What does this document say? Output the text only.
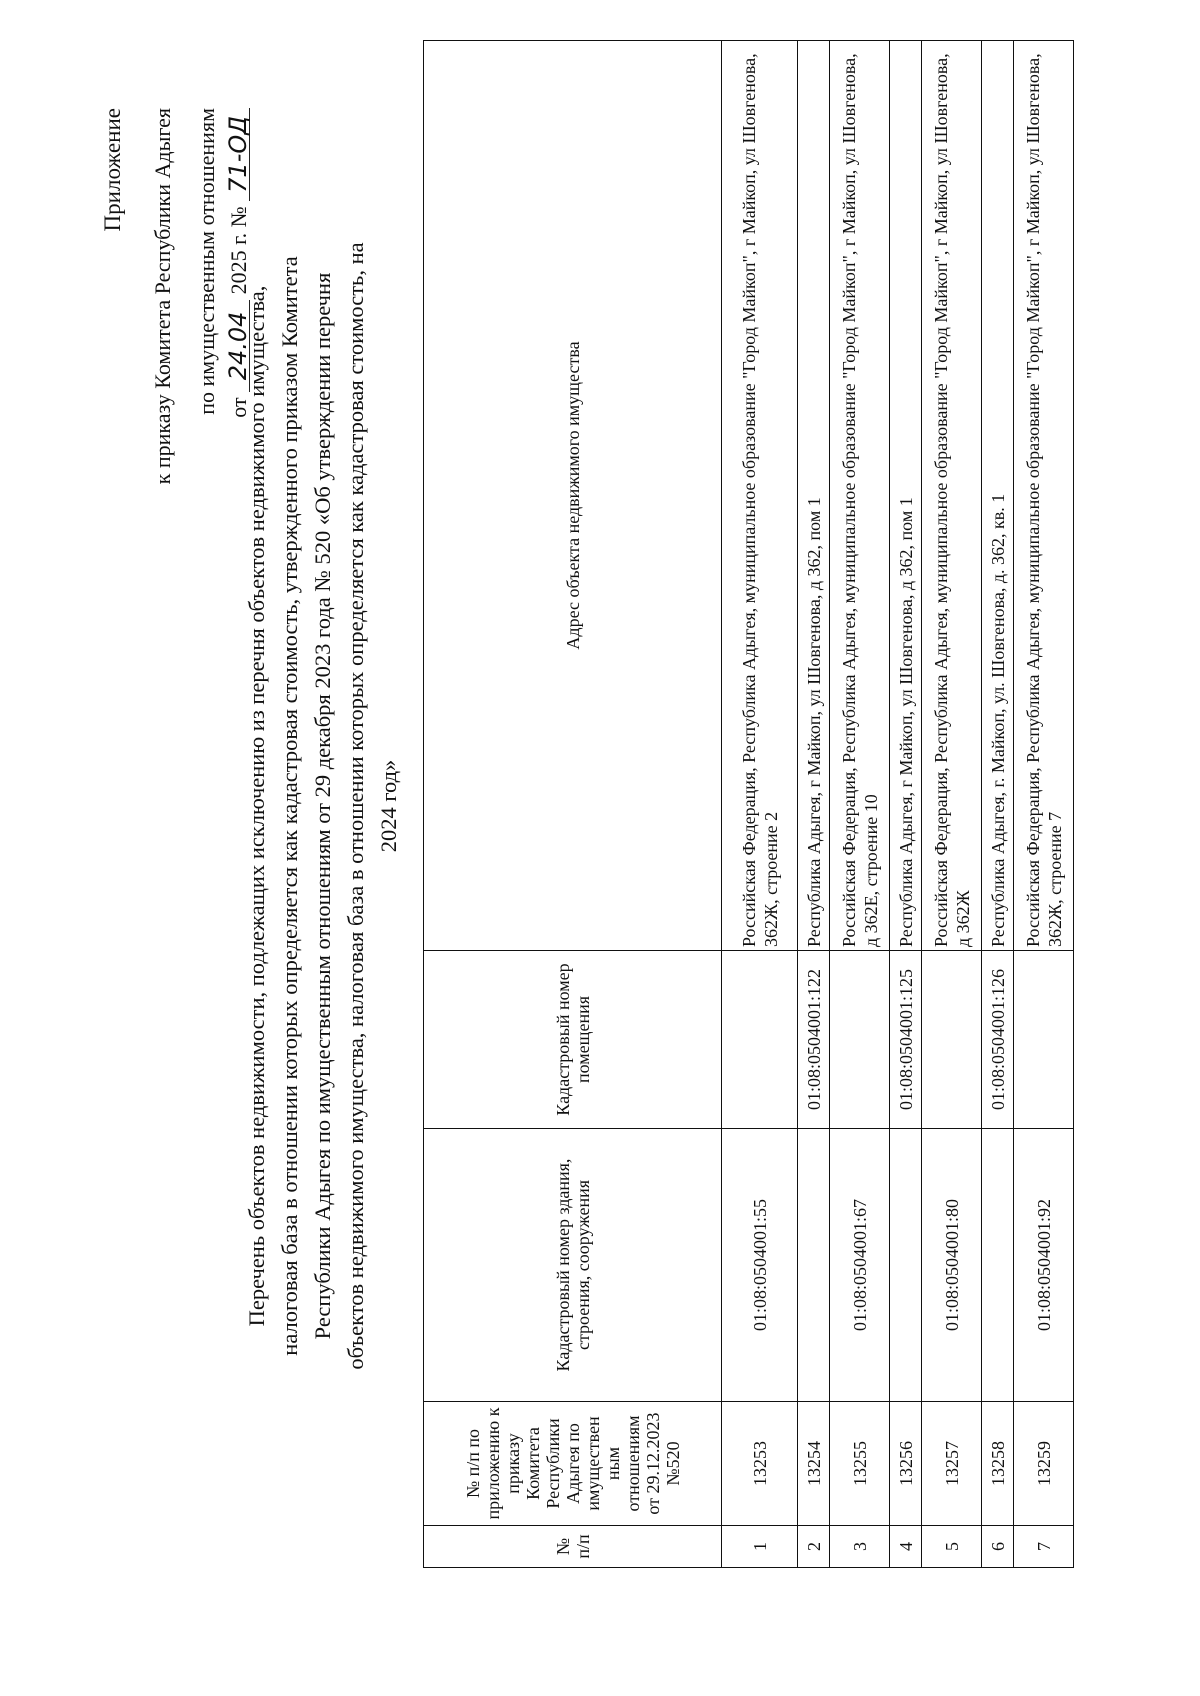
Приложение к приказу Комитета Республики Адыгея по имущественным отношениям от 24.04 2025 г. № 71-ОД
Перечень объектов недвижимости, подлежащих исключению из перечня объектов недвижимого имущества, налоговая база в отношении которых определяется как кадастровая стоимость, утвержденного приказом Комитета Республики Адыгея по имущественным отношениям от 29 декабря 2023 года № 520 «Об утверждении перечня объектов недвижимого имущества, налоговая база в отношении которых определяется как кадастровая стоимость, на 2024 год»
№ п/п	№ п/п по приложению к приказу Комитета Республики Адыгея по имуществен ным отношениям от 29.12.2023 №520	Кадастровый номер здания, строения, сооружения	Кадастровый номер помещения	Адрес объекта недвижимого имущества
1	13253	01:08:0504001:55		Российская Федерация, Республика Адыгея, муниципальное образование "Город Майкоп", г Майкоп, ул Шовгенова, 362Ж, строение 2
2	13254		01:08:0504001:122	Республика Адыгея, г Майкоп, ул Шовгенова, д 362, пом 1
3	13255	01:08:0504001:67		Российская Федерация, Республика Адыгея, муниципальное образование "Город Майкоп", г Майкоп, ул Шовгенова, д 362Е, строение 10
4	13256		01:08:0504001:125	Республика Адыгея, г Майкоп, ул Шовгенова, д 362, пом 1
5	13257	01:08:0504001:80		Российская Федерация, Республика Адыгея, муниципальное образование "Город Майкоп", г Майкоп, ул Шовгенова, д 362Ж
6	13258		01:08:0504001:126	Республика Адыгея, г. Майкоп, ул. Шовгенова, д. 362, кв. 1
7	13259	01:08:0504001:92		Российская Федерация, Республика Адыгея, муниципальное образование "Город Майкоп", г Майкоп, ул Шовгенова, 362Ж, строение 7
